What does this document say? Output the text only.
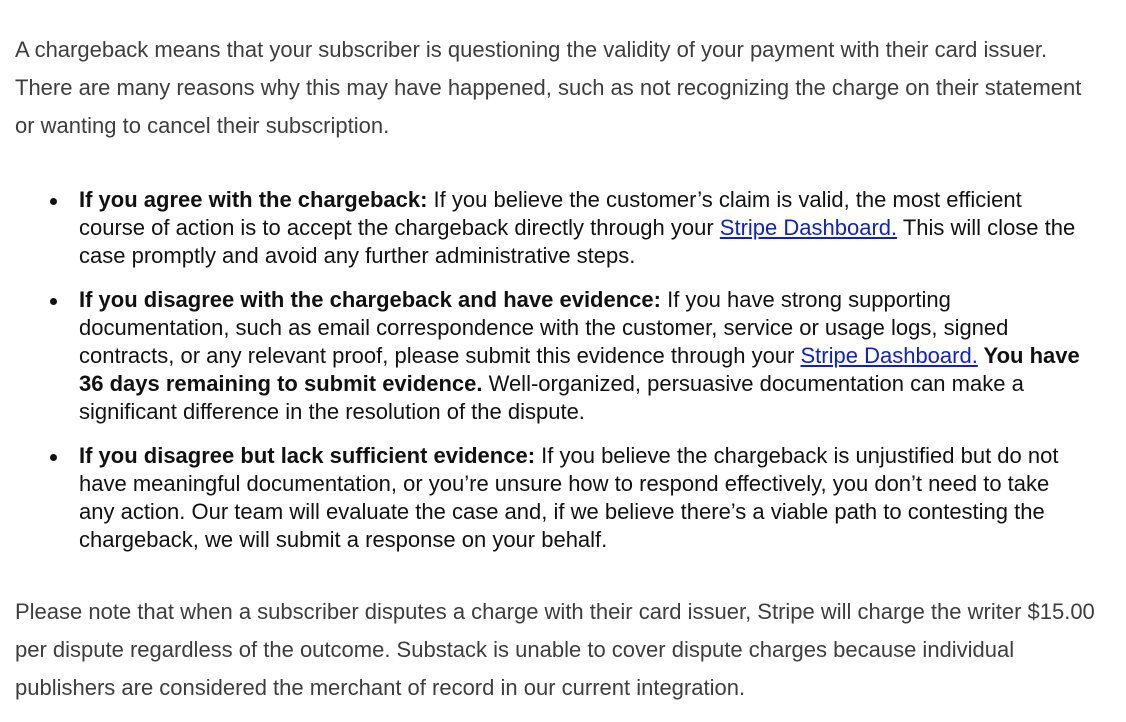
A chargeback means that your subscriber is questioning the validity of your payment with their card issuer. There are many reasons why this may have happened, such as not recognizing the charge on their statement or wanting to cancel their subscription.

If you agree with the chargeback: If you believe the customer’s claim is valid, the most efficient course of action is to accept the chargeback directly through your Stripe Dashboard. This will close the case promptly and avoid any further administrative steps.
If you disagree with the chargeback and have evidence: If you have strong supporting documentation, such as email correspondence with the customer, service or usage logs, signed contracts, or any relevant proof, please submit this evidence through your Stripe Dashboard. You have 36 days remaining to submit evidence. Well-organized, persuasive documentation can make a significant difference in the resolution of the dispute.
If you disagree but lack sufficient evidence: If you believe the chargeback is unjustified but do not have meaningful documentation, or you’re unsure how to respond effectively, you don’t need to take any action. Our team will evaluate the case and, if we believe there’s a viable path to contesting the chargeback, we will submit a response on your behalf.

Please note that when a subscriber disputes a charge with their card issuer, Stripe will charge the writer $15.00 per dispute regardless of the outcome. Substack is unable to cover dispute charges because individual publishers are considered the merchant of record in our current integration.
